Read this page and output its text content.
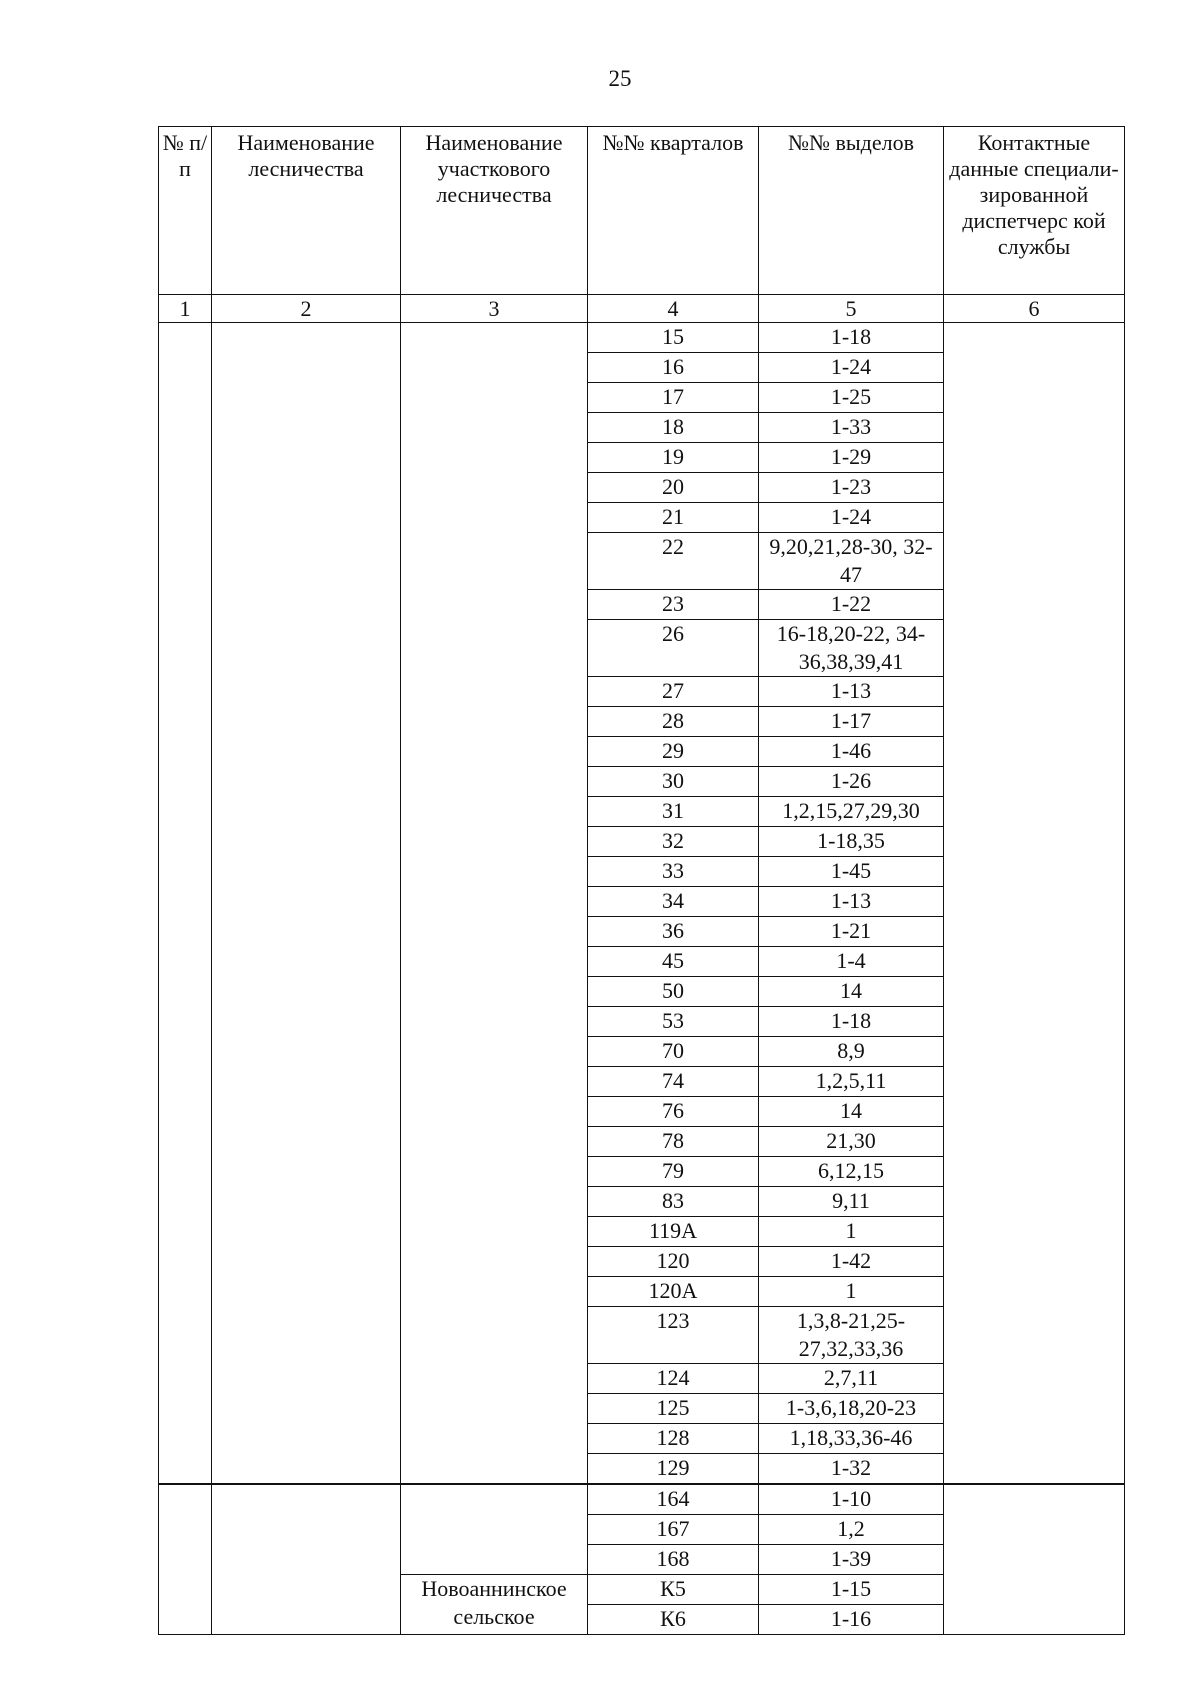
25
№ п/п	Наименование лесничества	Наименование участкового лесничества	№№ кварталов	№№ выделов	Контактные данные специали- зированной диспетчерс кой службы
1	2	3	4	5	6
			15	1-18	
			16	1-24	
			17	1-25	
			18	1-33	
			19	1-29	
			20	1-23	
			21	1-24	
			22	9,20,21,28-30, 32-47	
			23	1-22	
			26	16-18,20-22, 34- 36,38,39,41	
			27	1-13	
			28	1-17	
			29	1-46	
			30	1-26	
			31	1,2,15,27,29,30	
			32	1-18,35	
			33	1-45	
			34	1-13	
			36	1-21	
			45	1-4	
			50	14	
			53	1-18	
			70	8,9	
			74	1,2,5,11	
			76	14	
			78	21,30	
			79	6,12,15	
			83	9,11	
			119А	1	
			120	1-42	
			120А	1	
			123	1,3,8-21,25- 27,32,33,36	
			124	2,7,11	
			125	1-3,6,18,20-23	
			128	1,18,33,36-46	
			129	1-32	
			164	1-10	
			167	1,2	
			168	1-39	
		Новоаннинское сельское	К5	1-15	
			К6	1-16	
